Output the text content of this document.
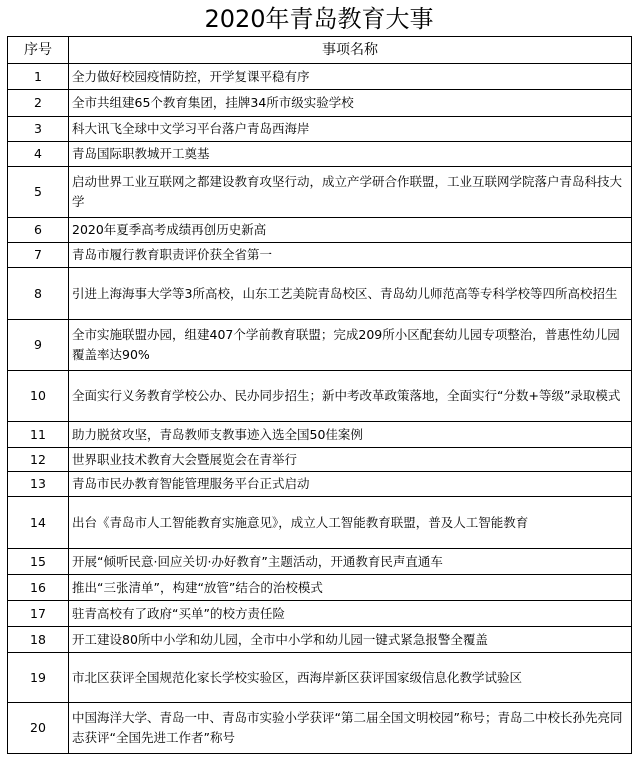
2020年青岛教育大事
序号	事项名称
1	全力做好校园疫情防控，开学复课平稳有序
2	全市共组建65个教育集团，挂牌34所市级实验学校
3	科大讯飞全球中文学习平台落户青岛西海岸
4	青岛国际职教城开工奠基
5	启动世界工业互联网之都建设教育攻坚行动，成立产学研合作联盟，工业互联网学院落户青岛科技大学
6	2020年夏季高考成绩再创历史新高
7	青岛市履行教育职责评价获全省第一
8	引进上海海事大学等3所高校，山东工艺美院青岛校区、青岛幼儿师范高等专科学校等四所高校招生
9	全市实施联盟办园，组建407个学前教育联盟；完成209所小区配套幼儿园专项整治，普惠性幼儿园覆盖率达90%
10	全面实行义务教育学校公办、民办同步招生；新中考改革政策落地，全面实行“分数+等级”录取模式
11	助力脱贫攻坚，青岛教师支教事迹入选全国50佳案例
12	世界职业技术教育大会暨展览会在青举行
13	青岛市民办教育智能管理服务平台正式启动
14	出台《青岛市人工智能教育实施意见》，成立人工智能教育联盟，普及人工智能教育
15	开展“倾听民意·回应关切·办好教育”主题活动，开通教育民声直通车
16	推出“三张清单”，构建“放管”结合的治校模式
17	驻青高校有了政府“买单”的校方责任险
18	开工建设80所中小学和幼儿园，全市中小学和幼儿园一键式紧急报警全覆盖
19	市北区获评全国规范化家长学校实验区，西海岸新区获评国家级信息化教学试验区
20	中国海洋大学、青岛一中、青岛市实验小学获评“第二届全国文明校园”称号；青岛二中校长孙先亮同志获评“全国先进工作者”称号
